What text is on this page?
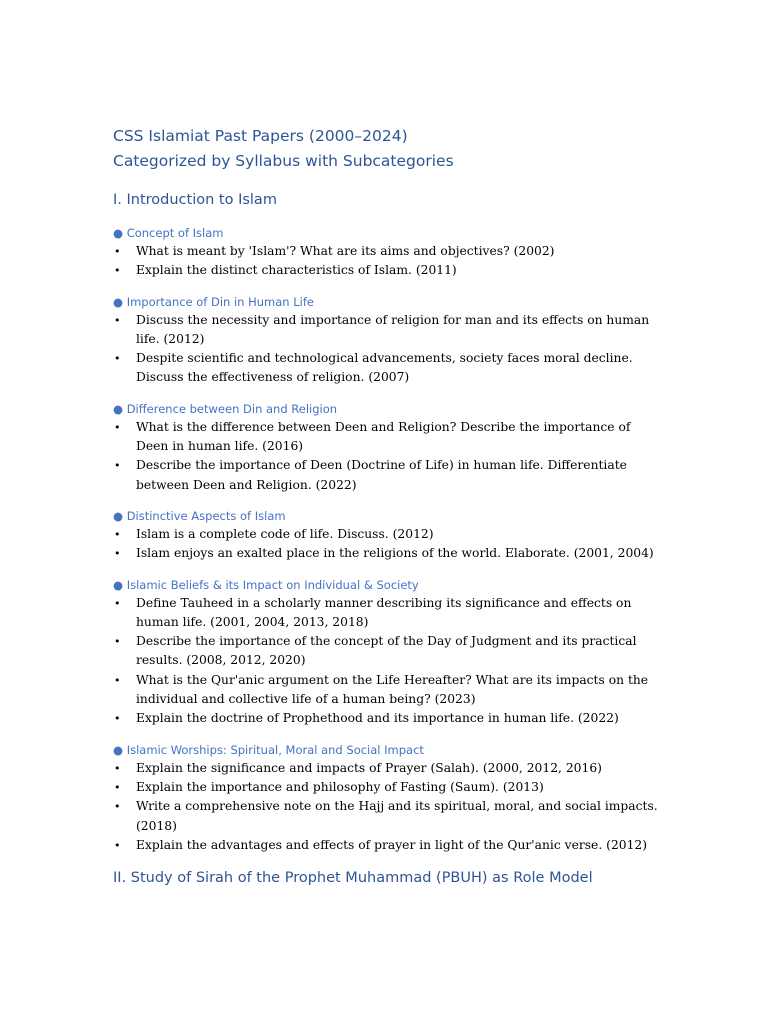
CSS Islamiat Past Papers (2000–2024)
Categorized by Syllabus with Subcategories
I. Introduction to Islam
● Concept of Islam
• What is meant by 'Islam'? What are its aims and objectives? (2002)
• Explain the distinct characteristics of Islam. (2011)
● Importance of Din in Human Life
• Discuss the necessity and importance of religion for man and its effects on human life. (2012)
• Despite scientific and technological advancements, society faces moral decline. Discuss the effectiveness of religion. (2007)
● Difference between Din and Religion
• What is the difference between Deen and Religion? Describe the importance of Deen in human life. (2016)
• Describe the importance of Deen (Doctrine of Life) in human life. Differentiate between Deen and Religion. (2022)
● Distinctive Aspects of Islam
• Islam is a complete code of life. Discuss. (2012)
• Islam enjoys an exalted place in the religions of the world. Elaborate. (2001, 2004)
● Islamic Beliefs & its Impact on Individual & Society
• Define Tauheed in a scholarly manner describing its significance and effects on human life. (2001, 2004, 2013, 2018)
• Describe the importance of the concept of the Day of Judgment and its practical results. (2008, 2012, 2020)
• What is the Qur'anic argument on the Life Hereafter? What are its impacts on the individual and collective life of a human being? (2023)
• Explain the doctrine of Prophethood and its importance in human life. (2022)
● Islamic Worships: Spiritual, Moral and Social Impact
• Explain the significance and impacts of Prayer (Salah). (2000, 2012, 2016)
• Explain the importance and philosophy of Fasting (Saum). (2013)
• Write a comprehensive note on the Hajj and its spiritual, moral, and social impacts. (2018)
• Explain the advantages and effects of prayer in light of the Qur'anic verse. (2012)
II. Study of Sirah of the Prophet Muhammad (PBUH) as Role Model
